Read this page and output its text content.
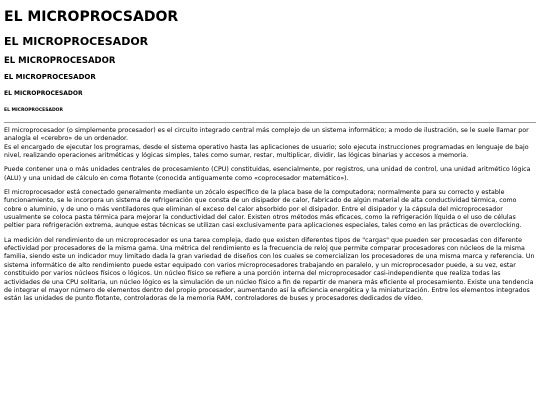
EL MICROPROCSADOR
EL MICROPROCESADOR
EL MICROPROCESADOR
EL MICROPROCESADOR
EL MICROPROCESADOR
EL MICROPROCESADOR

El microprocesador (o simplemente procesador) es el circuito integrado central más complejo de un sistema informático; a modo de ilustración, se le suele llamar por analogía el «cerebro» de un ordenador.
Es el encargado de ejecutar los programas, desde el sistema operativo hasta las aplicaciones de usuario; solo ejecuta instrucciones programadas en lenguaje de bajo nivel, realizando operaciones aritméticas y lógicas simples, tales como sumar, restar, multiplicar, dividir, las lógicas binarias y accesos a memoria.

Puede contener una o más unidades centrales de procesamiento (CPU) constituidas, esencialmente, por registros, una unidad de control, una unidad aritmético lógica (ALU) y una unidad de cálculo en coma flotante (conocida antiguamente como «coprocesador matemático»).

El microprocesador está conectado generalmente mediante un zócalo específico de la placa base de la computadora; normalmente para su correcto y estable funcionamiento, se le incorpora un sistema de refrigeración que consta de un disipador de calor, fabricado de algún material de alta conductividad térmica, como cobre o aluminio, y de uno o más ventiladores que eliminan el exceso del calor absorbido por el disipador. Entre el disipador y la cápsula del microprocesador usualmente se coloca pasta térmica para mejorar la conductividad del calor. Existen otros métodos más eficaces, como la refrigeración líquida o el uso de células peltier para refrigeración extrema, aunque estas técnicas se utilizan casi exclusivamente para aplicaciones especiales, tales como en las prácticas de overclocking.

La medición del rendimiento de un microprocesador es una tarea compleja, dado que existen diferentes tipos de "cargas" que pueden ser procesadas con diferente efectividad por procesadores de la misma gama. Una métrica del rendimiento es la frecuencia de reloj que permite comparar procesadores con núcleos de la misma familia, siendo este un indicador muy limitado dada la gran variedad de diseños con los cuales se comercializan los procesadores de una misma marca y referencia. Un sistema informático de alto rendimiento puede estar equipado con varios microprocesadores trabajando en paralelo, y un microprocesador puede, a su vez, estar constituido por varios núcleos físicos o lógicos. Un núcleo físico se refiere a una porción interna del microprocesador casi-independiente que realiza todas las actividades de una CPU solitaria, un núcleo lógico es la simulación de un núcleo físico a fin de repartir de manera más eficiente el procesamiento. Existe una tendencia de integrar el mayor número de elementos dentro del propio procesador, aumentando así la eficiencia energética y la miniaturización. Entre los elementos integrados están las unidades de punto flotante, controladoras de la memoria RAM, controladores de buses y procesadores dedicados de vídeo.
